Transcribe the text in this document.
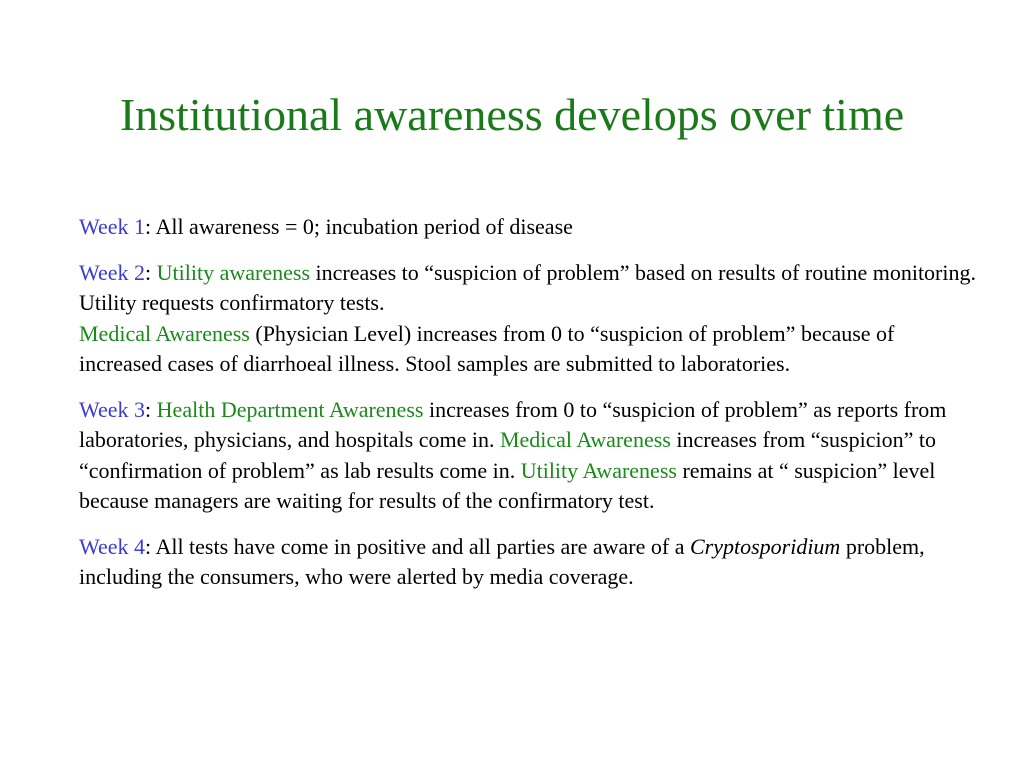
Institutional awareness develops over time

Week 1: All awareness = 0; incubation period of disease

Week 2: Utility awareness increases to “suspicion of problem” based on results of routine monitoring. Utility requests confirmatory tests.

Medical Awareness (Physician Level) increases from 0 to “suspicion of problem” because of increased cases of diarrhoeal illness. Stool samples are submitted to laboratories.

Week 3: Health Department Awareness increases from 0 to “suspicion of problem” as reports from laboratories, physicians, and hospitals come in. Medical Awareness increases from “suspicion” to “confirmation of problem” as lab results come in. Utility Awareness remains at “ suspicion” level because managers are waiting for results of the confirmatory test.

Week 4: All tests have come in positive and all parties are aware of a Cryptosporidium problem, including the consumers, who were alerted by media coverage.
